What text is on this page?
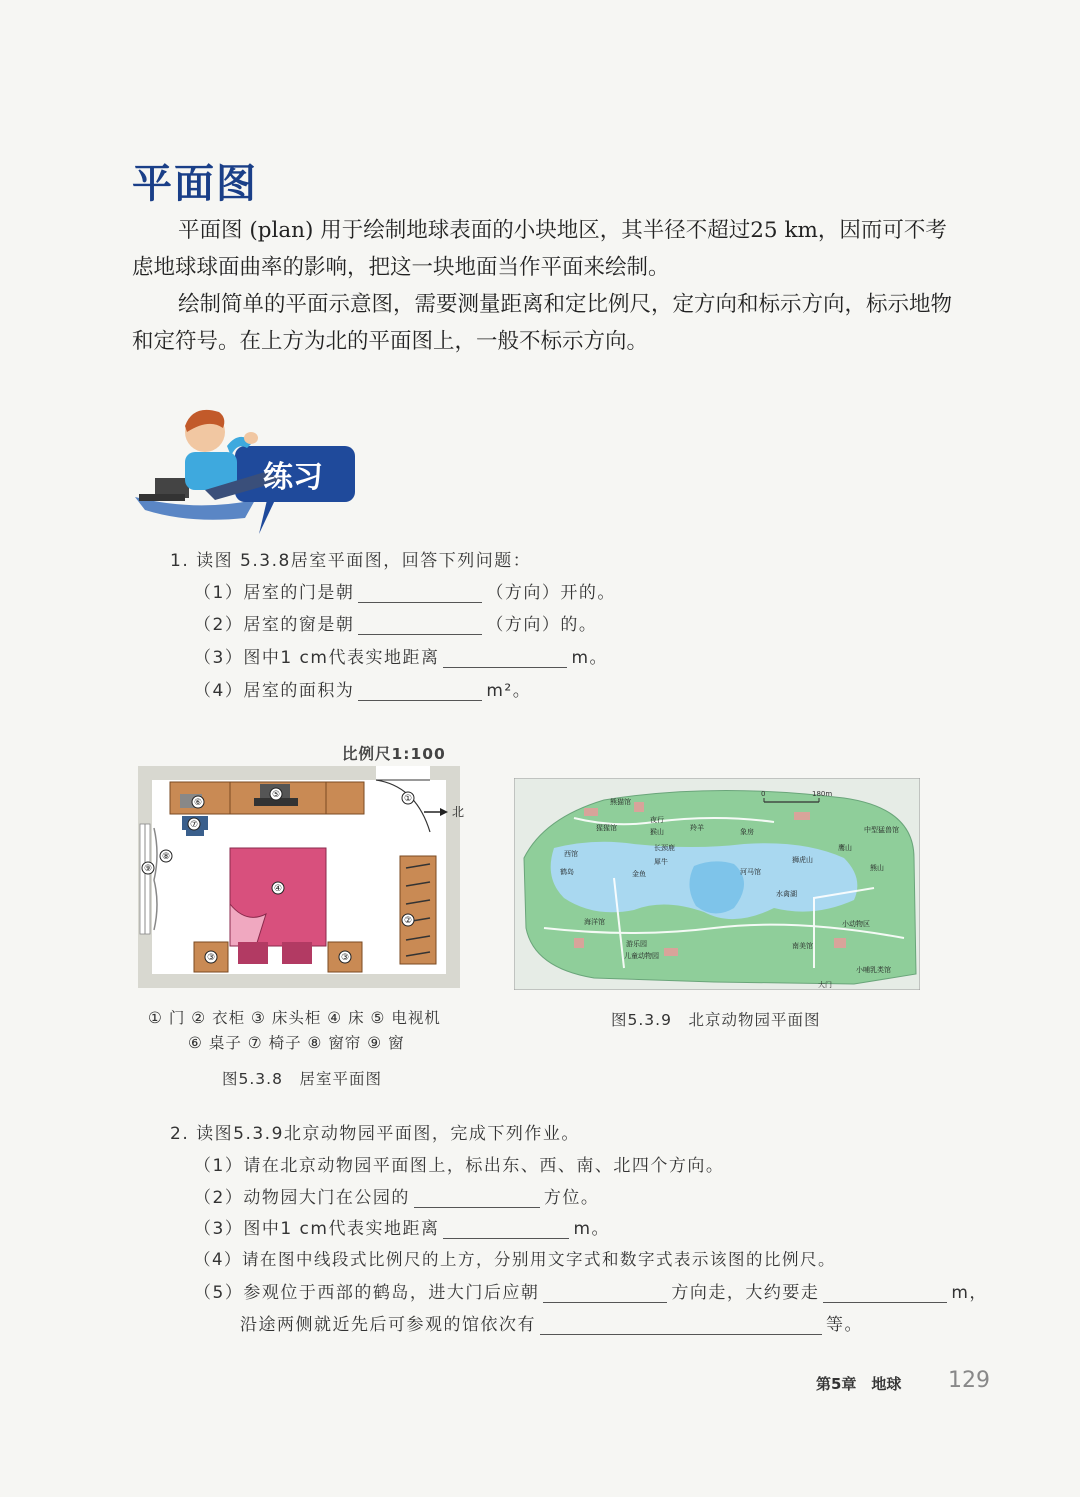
平面图

平面图 (plan) 用于绘制地球表面的小块地区，其半径不超过25 km，因而可不考虑地球球面曲率的影响，把这一块地面当作平面来绘制。

绘制简单的平面示意图，需要测量距离和定比例尺，定方向和标示方向，标示地物和定符号。在上方为北的平面图上，一般不标示方向。

练习
1. 读图 5.3.8居室平面图，回答下列问题：
（1）居室的门是朝	（方向）开的。
（2）居室的窗是朝	（方向）的。
（3）图中1 cm代表实地距离	m。
（4）居室的面积为	m²。
比例尺1:100
①
②
③	③
④
⑤
⑥
⑦
⑧
⑨
北
① 门 ② 衣柜 ③ 床头柜 ④ 床 ⑤ 电视机
⑥ 桌子 ⑦ 椅子 ⑧ 窗帘 ⑨ 窗
图5.3.8　居室平面图
0	180m
熊猫馆
猩猩馆	猴山
夜行
西馆
犀牛
长颈鹿
鹤岛	金鱼
狮虎山
象房
水禽湖
小动物区
海洋馆
游乐园
儿童动物园
中型猛兽馆
熊山
羚羊
河马馆
南美馆
小哺乳类馆
鹰山
大门
图5.3.9　北京动物园平面图
2. 读图5.3.9北京动物园平面图，完成下列作业。
（1）请在北京动物园平面图上，标出东、西、南、北四个方向。
（2）动物园大门在公园的	方位。
（3）图中1 cm代表实地距离	m。
（4）请在图中线段式比例尺的上方，分别用文字式和数字式表示该图的比例尺。
（5）参观位于西部的鹤岛，进大门后应朝	方向走，大约要走	m，
沿途两侧就近先后可参观的馆依次有	等。
第5章　地球 129
